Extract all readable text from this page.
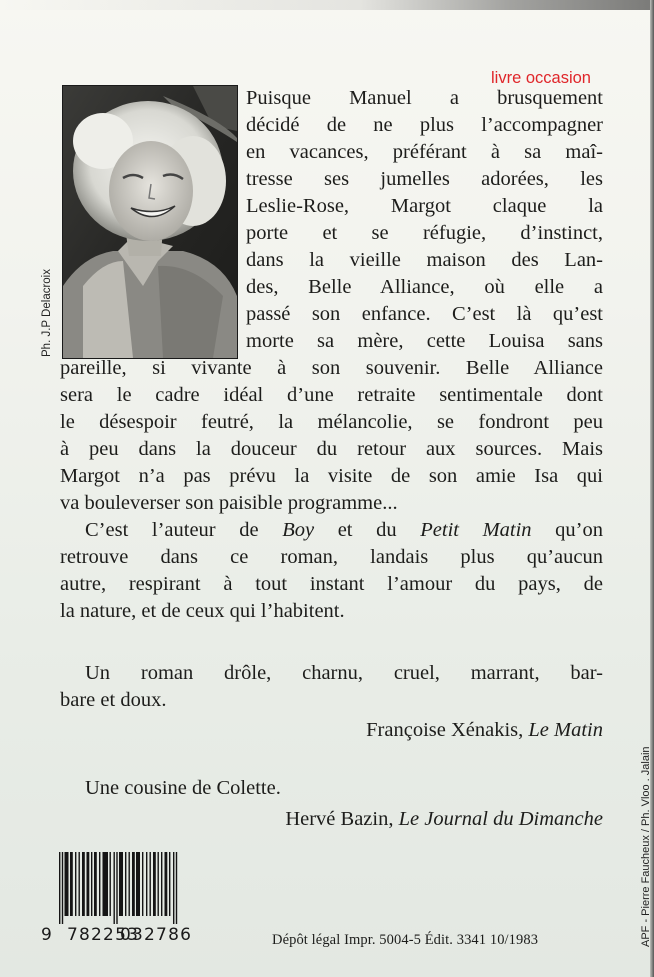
livre occasion
Ph. J.P Delacroix
Puisque Manuel a brusquement
décidé de ne plus l’accompagner
en vacances, préférant à sa maî-
tresse ses jumelles adorées, les
Leslie-Rose, Margot claque la
porte et se réfugie, d’instinct,
dans la vieille maison des Lan-
des, Belle Alliance, où elle a
passé son enfance. C’est là qu’est
morte sa mère, cette Louisa sans
pareille, si vivante à son souvenir. Belle Alliance
sera le cadre idéal d’une retraite sentimentale dont
le désespoir feutré, la mélancolie, se fondront peu
à peu dans la douceur du retour aux sources. Mais
Margot n’a pas prévu la visite de son amie Isa qui
va bouleverser son paisible programme...
C’est l’auteur de Boy et du Petit Matin qu’on
retrouve dans ce roman, landais plus qu’aucun
autre, respirant à tout instant l’amour du pays, de
la nature, et de ceux qui l’habitent.
Un roman drôle, charnu, cruel, marrant, bar-
bare et doux.
Françoise Xénakis, Le Matin
Une cousine de Colette.
Hervé Bazin, Le Journal du Dimanche
9 782253
032786	Dépôt légal Impr. 5004-5 Édit. 3341 10/1983	APF - Pierre Faucheux / Ph. Vloo . Jalain
